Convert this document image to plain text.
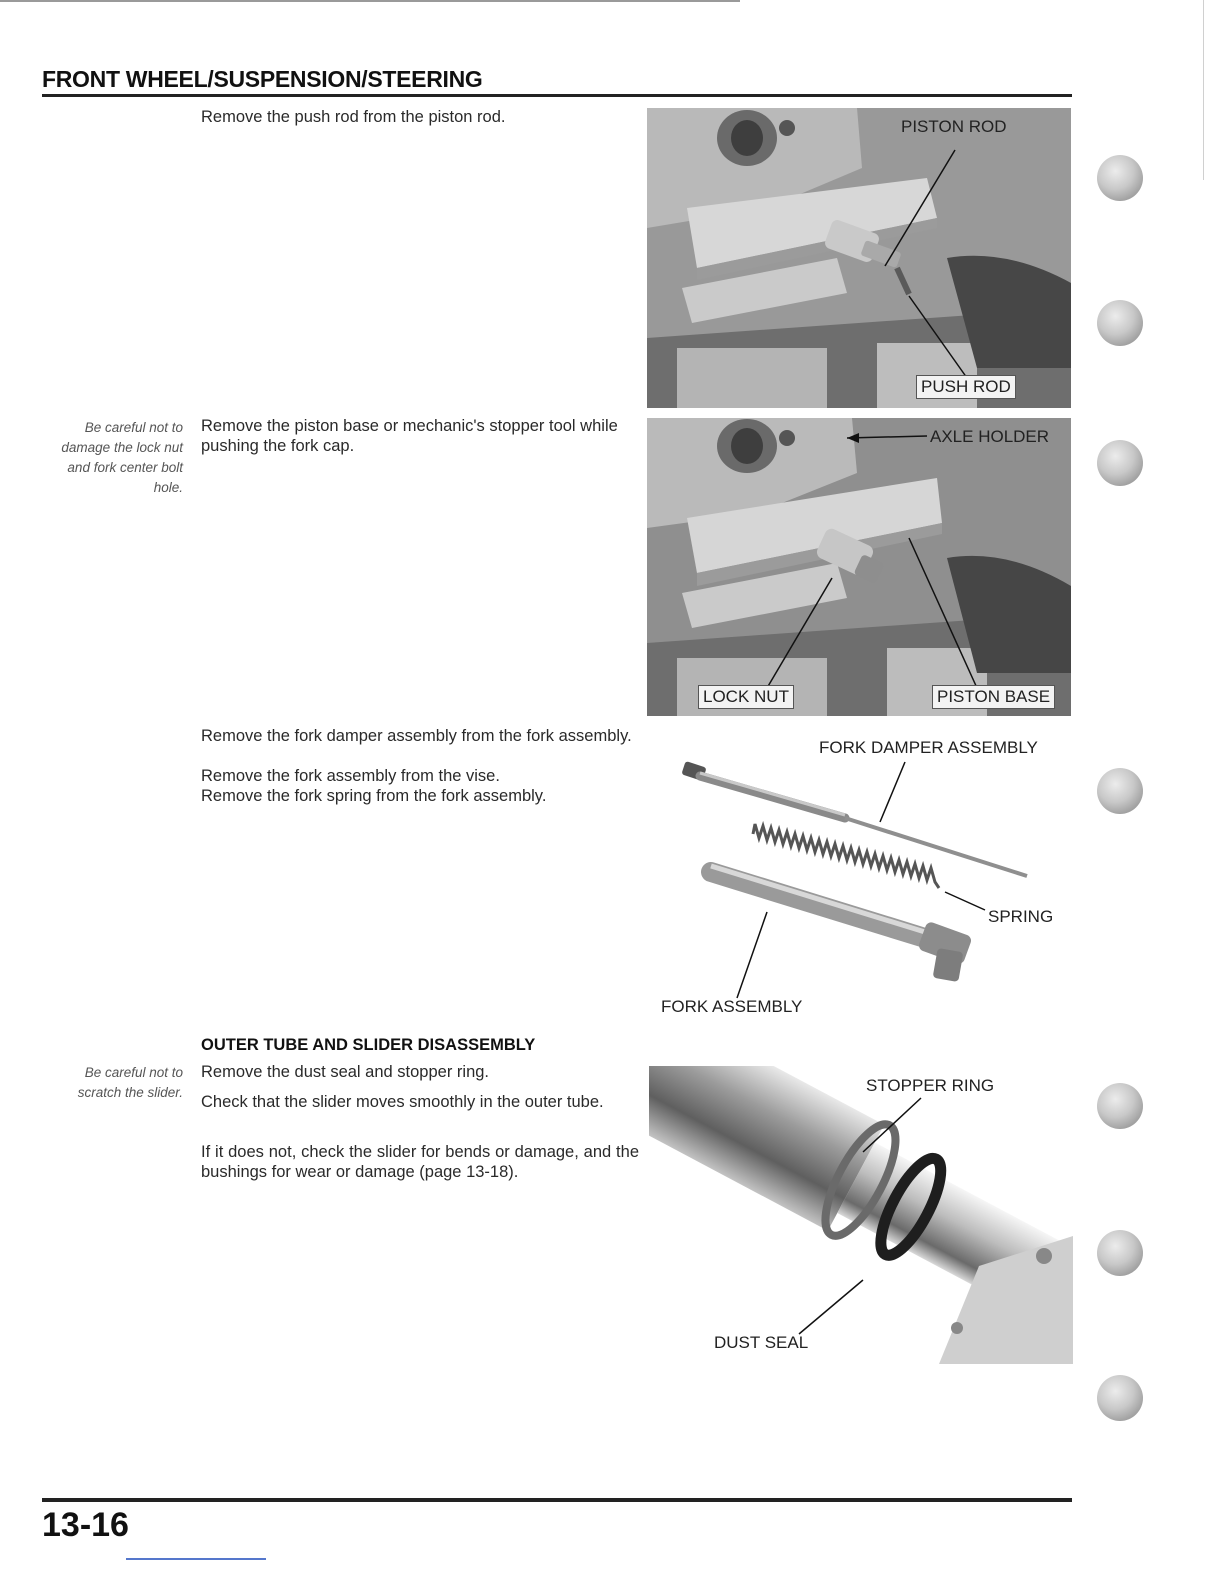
FRONT WHEEL/SUSPENSION/STEERING

Remove the push rod from the piston rod.

Be careful not to damage the lock nut and fork center bolt hole.

Remove the piston base or mechanic's stopper tool while pushing the fork cap.

Remove the fork damper assembly from the fork assembly.

Remove the fork assembly from the vise.

Remove the fork spring from the fork assembly.

OUTER TUBE AND SLIDER DISASSEMBLY
Be careful not to scratch the slider.

Remove the dust seal and stopper ring.

Check that the slider moves smoothly in the outer tube.

If it does not, check the slider for bends or damage, and the bushings for wear or damage (page 13-18).

PISTON ROD
PUSH ROD
AXLE HOLDER
LOCK NUT	PISTON BASE
FORK DAMPER ASSEMBLY
SPRING
FORK ASSEMBLY
STOPPER RING
DUST SEAL
13-16
